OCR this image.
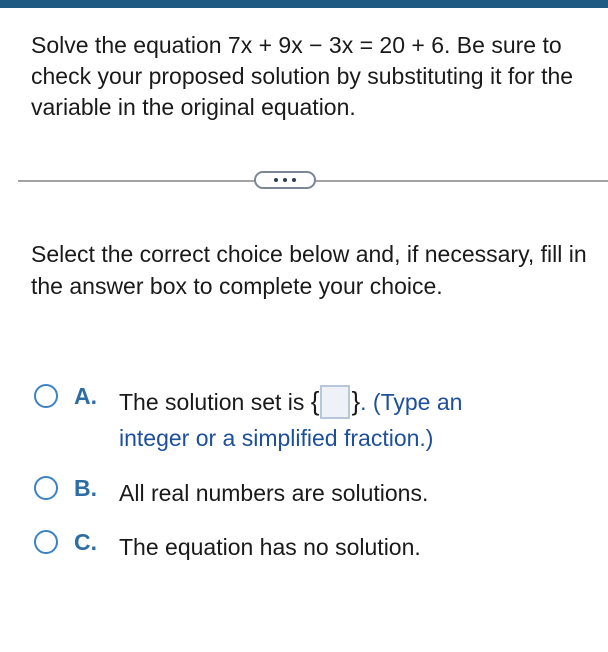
Solve the equation 7x + 9x − 3x = 20 + 6. Be sure to check your proposed solution by substituting it for the variable in the original equation.
Select the correct choice below and, if necessary, fill in the answer box to complete your choice.
A. The solution set is { }. (Type an
integer or a simplified fraction.)
B. All real numbers are solutions.
C. The equation has no solution.
